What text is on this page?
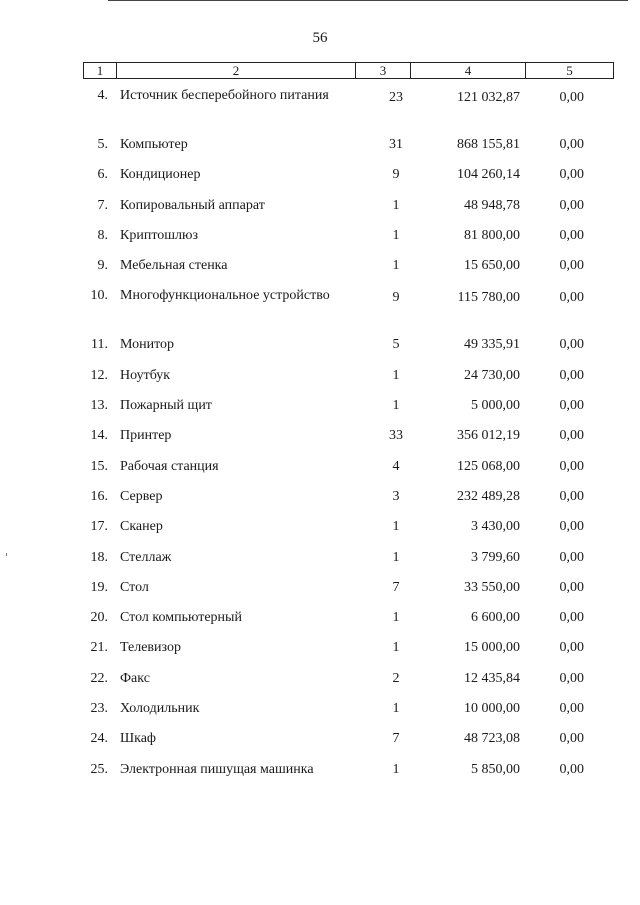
56
1	2	3	4	5
4. Источник бесперебойного питания	23	121 032,87	0,00
5. Компьютер	31	868 155,81	0,00
6. Кондиционер	9	104 260,14	0,00
7. Копировальный аппарат	1	48 948,78	0,00
8. Криптошлюз	1	81 800,00	0,00
9. Мебельная стенка	1	15 650,00	0,00
10. Многофункциональное устройство	9	115 780,00	0,00
11. Монитор	5	49 335,91	0,00
12. Ноутбук	1	24 730,00	0,00
13. Пожарный щит	1	5 000,00	0,00
14. Принтер	33	356 012,19	0,00
15. Рабочая станция	4	125 068,00	0,00
16. Сервер	3	232 489,28	0,00
17. Сканер	1	3 430,00	0,00
18. Стеллаж	1	3 799,60	0,00
19. Стол	7	33 550,00	0,00
20. Стол компьютерный	1	6 600,00	0,00
21. Телевизор	1	15 000,00	0,00
22. Факс	2	12 435,84	0,00
23. Холодильник	1	10 000,00	0,00
24. Шкаф	7	48 723,08	0,00
25. Электронная пишущая машинка	1	5 850,00	0,00
